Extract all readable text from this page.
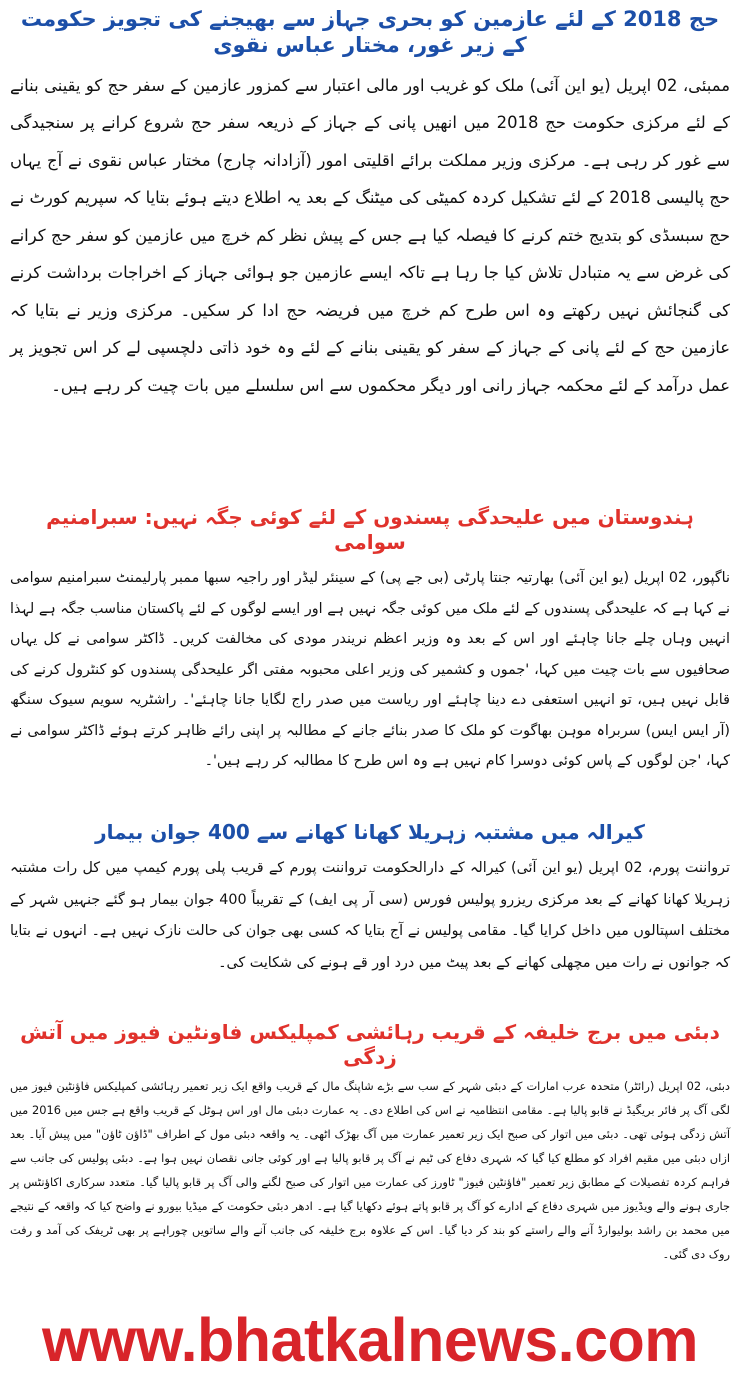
حج 2018 کے لئے عازمین کو بحری جہاز سے بھیجنے کی تجویز حکومت کے زیر غور، مختار عباس نقوی

ممبئی، 02 اپریل (یو این آئی) ملک کو غریب اور مالی اعتبار سے کمزور عازمین کے سفر حج کو یقینی بنانے کے لئے مرکزی حکومت حج 2018 میں انھیں پانی کے جہاز کے ذریعہ سفر حج شروع کرانے پر سنجیدگی سے غور کر رہی ہے۔ مرکزی وزیر مملکت برائے اقلیتی امور (آزادانہ چارج) مختار عباس نقوی نے آج یہاں حج پالیسی 2018 کے لئے تشکیل کردہ کمیٹی کی میٹنگ کے بعد یہ اطلاع دیتے ہوئے بتایا کہ سپریم کورٹ نے حج سبسڈی کو بتدیج ختم کرنے کا فیصلہ کیا ہے جس کے پیش نظر کم خرچ میں عازمین کو سفر حج کرانے کی غرض سے یہ متبادل تلاش کیا جا رہا ہے تاکہ ایسے عازمین جو ہوائی جہاز کے اخراجات برداشت کرنے کی گنجائش نہیں رکھتے وہ اس طرح کم خرچ میں فریضہ حج ادا کر سکیں۔ مرکزی وزیر نے بتایا کہ عازمین حج کے لئے پانی کے جہاز کے سفر کو یقینی بنانے کے لئے وہ خود ذاتی دلچسپی لے کر اس تجویز پر عمل درآمد کے لئے محکمہ جہاز رانی اور دیگر محکموں سے اس سلسلے میں بات چیت کر رہے ہیں۔

ہندوستان میں علیحدگی پسندوں کے لئے کوئی جگہ نہیں: سبرامنیم سوامی

ناگپور، 02 اپریل (یو این آئی) بھارتیہ جنتا پارٹی (بی جے پی) کے سینئر لیڈر اور راجیہ سبھا ممبر پارلیمنٹ سبرامنیم سوامی نے کہا ہے کہ علیحدگی پسندوں کے لئے ملک میں کوئی جگہ نہیں ہے اور ایسے لوگوں کے لئے پاکستان مناسب جگہ ہے لہذا انہیں وہاں چلے جانا چاہئے اور اس کے بعد وہ وزیر اعظم نریندر مودی کی مخالفت کریں۔ ڈاکٹر سوامی نے کل یہاں صحافیوں سے بات چیت میں کہا، 'جموں و کشمیر کی وزیر اعلی محبوبہ مفتی اگر علیحدگی پسندوں کو کنٹرول کرنے کی قابل نہیں ہیں، تو انہیں استعفی دے دینا چاہئے اور ریاست میں صدر راج لگایا جانا چاہئے'۔ راشٹریہ سویم سیوک سنگھ (آر ایس ایس) سربراہ موہن بھاگوت کو ملک کا صدر بنائے جانے کے مطالبہ پر اپنی رائے ظاہر کرتے ہوئے ڈاکٹر سوامی نے کہا، 'جن لوگوں کے پاس کوئی دوسرا کام نہیں ہے وہ اس طرح کا مطالبہ کر رہے ہیں'۔

کیرالہ میں مشتبہ زہریلا کھانا کھانے سے 400 جوان بیمار

ترواننت پورم، 02 اپریل (یو این آئی) کیرالہ کے دارالحکومت ترواننت پورم کے قریب پلی پورم کیمپ میں کل رات مشتبہ زہریلا کھانا کھانے کے بعد مرکزی ریزرو پولیس فورس (سی آر پی ایف) کے تقریباً 400 جوان بیمار ہو گئے جنہیں شہر کے مختلف اسپتالوں میں داخل کرایا گیا۔ مقامی پولیس نے آج بتایا کہ کسی بھی جوان کی حالت نازک نہیں ہے۔ انہوں نے بتایا کہ جوانوں نے رات میں مچھلی کھانے کے بعد پیٹ میں درد اور قے ہونے کی شکایت کی۔

دبئی میں برج خلیفہ کے قریب رہائشی کمپلیکس فاونٹین فیوز میں آتش زدگی

دبئی، 02 اپریل (رائٹر) متحدہ عرب امارات کے دبئی شہر کے سب سے بڑے شاپنگ مال کے قریب واقع ایک زیر تعمیر رہائشی کمپلیکس فاؤنٹین فیوز میں لگی آگ پر فائر بریگیڈ نے قابو پالیا ہے۔ مقامی انتظامیہ نے اس کی اطلاع دی۔ یہ عمارت دبئی مال اور اس ہوٹل کے قریب واقع ہے جس میں 2016 میں آتش زدگی ہوئی تھی۔ دبئی میں اتوار کی صبح ایک زیر تعمیر عمارت میں آگ بھڑک اٹھی۔ یہ واقعہ دبئی مول کے اطراف "ڈاؤن ٹاؤن" میں پیش آیا۔ بعد ازاں دبئی میں مقیم افراد کو مطلع کیا گیا کہ شہری دفاع کی ٹیم نے آگ پر قابو پالیا ہے اور کوئی جانی نقصان نہیں ہوا ہے۔ دبئی پولیس کی جانب سے فراہم کردہ تفصیلات کے مطابق زیر تعمیر "فاؤنٹین فیوز" ٹاورز کی عمارت میں اتوار کی صبح لگنے والی آگ پر قابو پالیا گیا۔ متعدد سرکاری اکاؤنٹس پر جاری ہونے والے ویڈیوز میں شہری دفاع کے ادارے کو آگ پر قابو پاتے ہوئے دکھایا گیا ہے۔ ادھر دبئی حکومت کے میڈیا بیورو نے واضح کیا کہ واقعہ کے نتیجے میں محمد بن راشد بولیوارڈ آنے والے راستے کو بند کر دیا گیا۔ اس کے علاوہ برج خلیفہ کی جانب آنے والے ساتویں چوراہے پر بھی ٹریفک کی آمد و رفت روک دی گئی۔

www.bhatkalnews.com
